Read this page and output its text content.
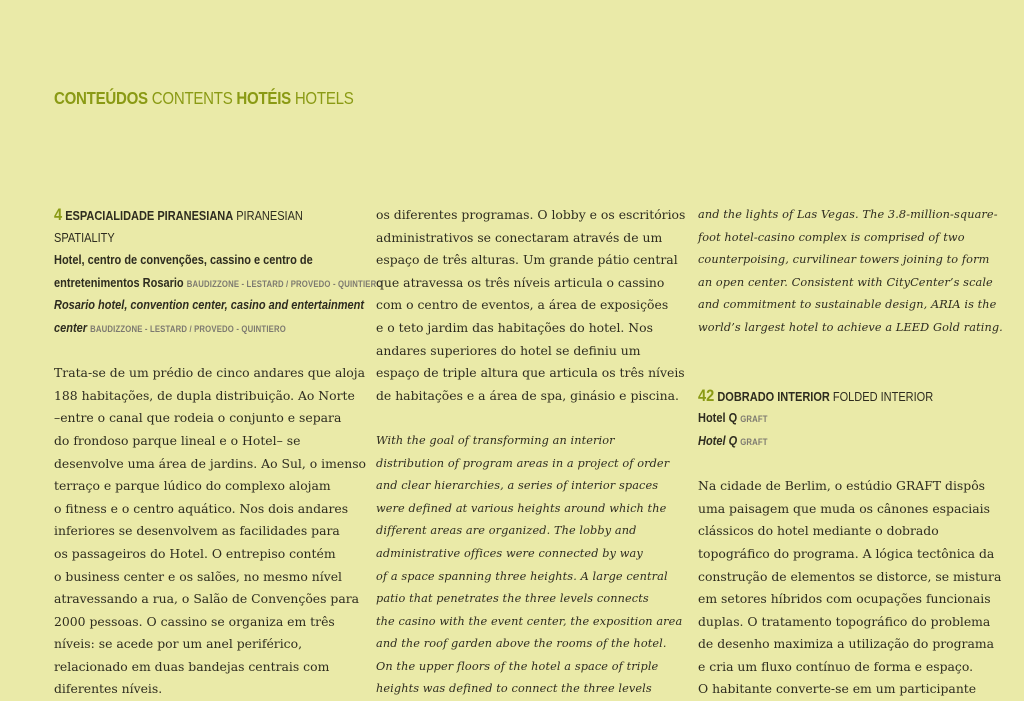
CONTEÚDOS CONTENTS HOTÉIS HOTELS
4 ESPACIALIDADE PIRANESIANA PIRANESIAN
SPATIALITY
Hotel, centro de convenções, cassino e centro de
entretenimentos Rosario BAUDIZZONE - LESTARD / PROVEDO - QUINTIERO
Rosario hotel, convention center, casino and entertainment
center BAUDIZZONE - LESTARD / PROVEDO - QUINTIERO
Trata-se de um prédio de cinco andares que aloja
188 habitações, de dupla distribuição. Ao Norte
–entre o canal que rodeia o conjunto e separa
do frondoso parque lineal e o Hotel– se
desenvolve uma área de jardins. Ao Sul, o imenso
terraço e parque lúdico do complexo alojam
o fitness e o centro aquático. Nos dois andares
inferiores se desenvolvem as facilidades para
os passageiros do Hotel. O entrepiso contém
o business center e os salões, no mesmo nível
atravessando a rua, o Salão de Convenções para
2000 pessoas. O cassino se organiza em três
níveis: se acede por um anel periférico,
relacionado em duas bandejas centrais com
diferentes níveis.
os diferentes programas. O lobby e os escritórios
administrativos se conectaram através de um
espaço de três alturas. Um grande pátio central
que atravessa os três níveis articula o cassino
com o centro de eventos, a área de exposições
e o teto jardim das habitações do hotel. Nos
andares superiores do hotel se definiu um
espaço de triple altura que articula os três níveis
de habitações e a área de spa, ginásio e piscina.
With the goal of transforming an interior
distribution of program areas in a project of order
and clear hierarchies, a series of interior spaces
were defined at various heights around which the
different areas are organized. The lobby and
administrative offices were connected by way
of a space spanning three heights. A large central
patio that penetrates the three levels connects
the casino with the event center, the exposition area
and the roof garden above the rooms of the hotel.
On the upper floors of the hotel a space of triple
heights was defined to connect the three levels
and the lights of Las Vegas. The 3.8-million-square-
foot hotel-casino complex is comprised of two
counterpoising, curvilinear towers joining to form
an open center. Consistent with CityCenter’s scale
and commitment to sustainable design, ARIA is the
world’s largest hotel to achieve a LEED Gold rating.
42 DOBRADO INTERIOR FOLDED INTERIOR
Hotel Q GRAFT
Hotel Q GRAFT
Na cidade de Berlim, o estúdio GRAFT dispôs
uma paisagem que muda os cânones espaciais
clássicos do hotel mediante o dobrado
topográfico do programa. A lógica tectônica da
construção de elementos se distorce, se mistura
em setores híbridos com ocupações funcionais
duplas. O tratamento topográfico do problema
de desenho maximiza a utilização do programa
e cria um fluxo contínuo de forma e espaço.
O habitante converte-se em um participante
